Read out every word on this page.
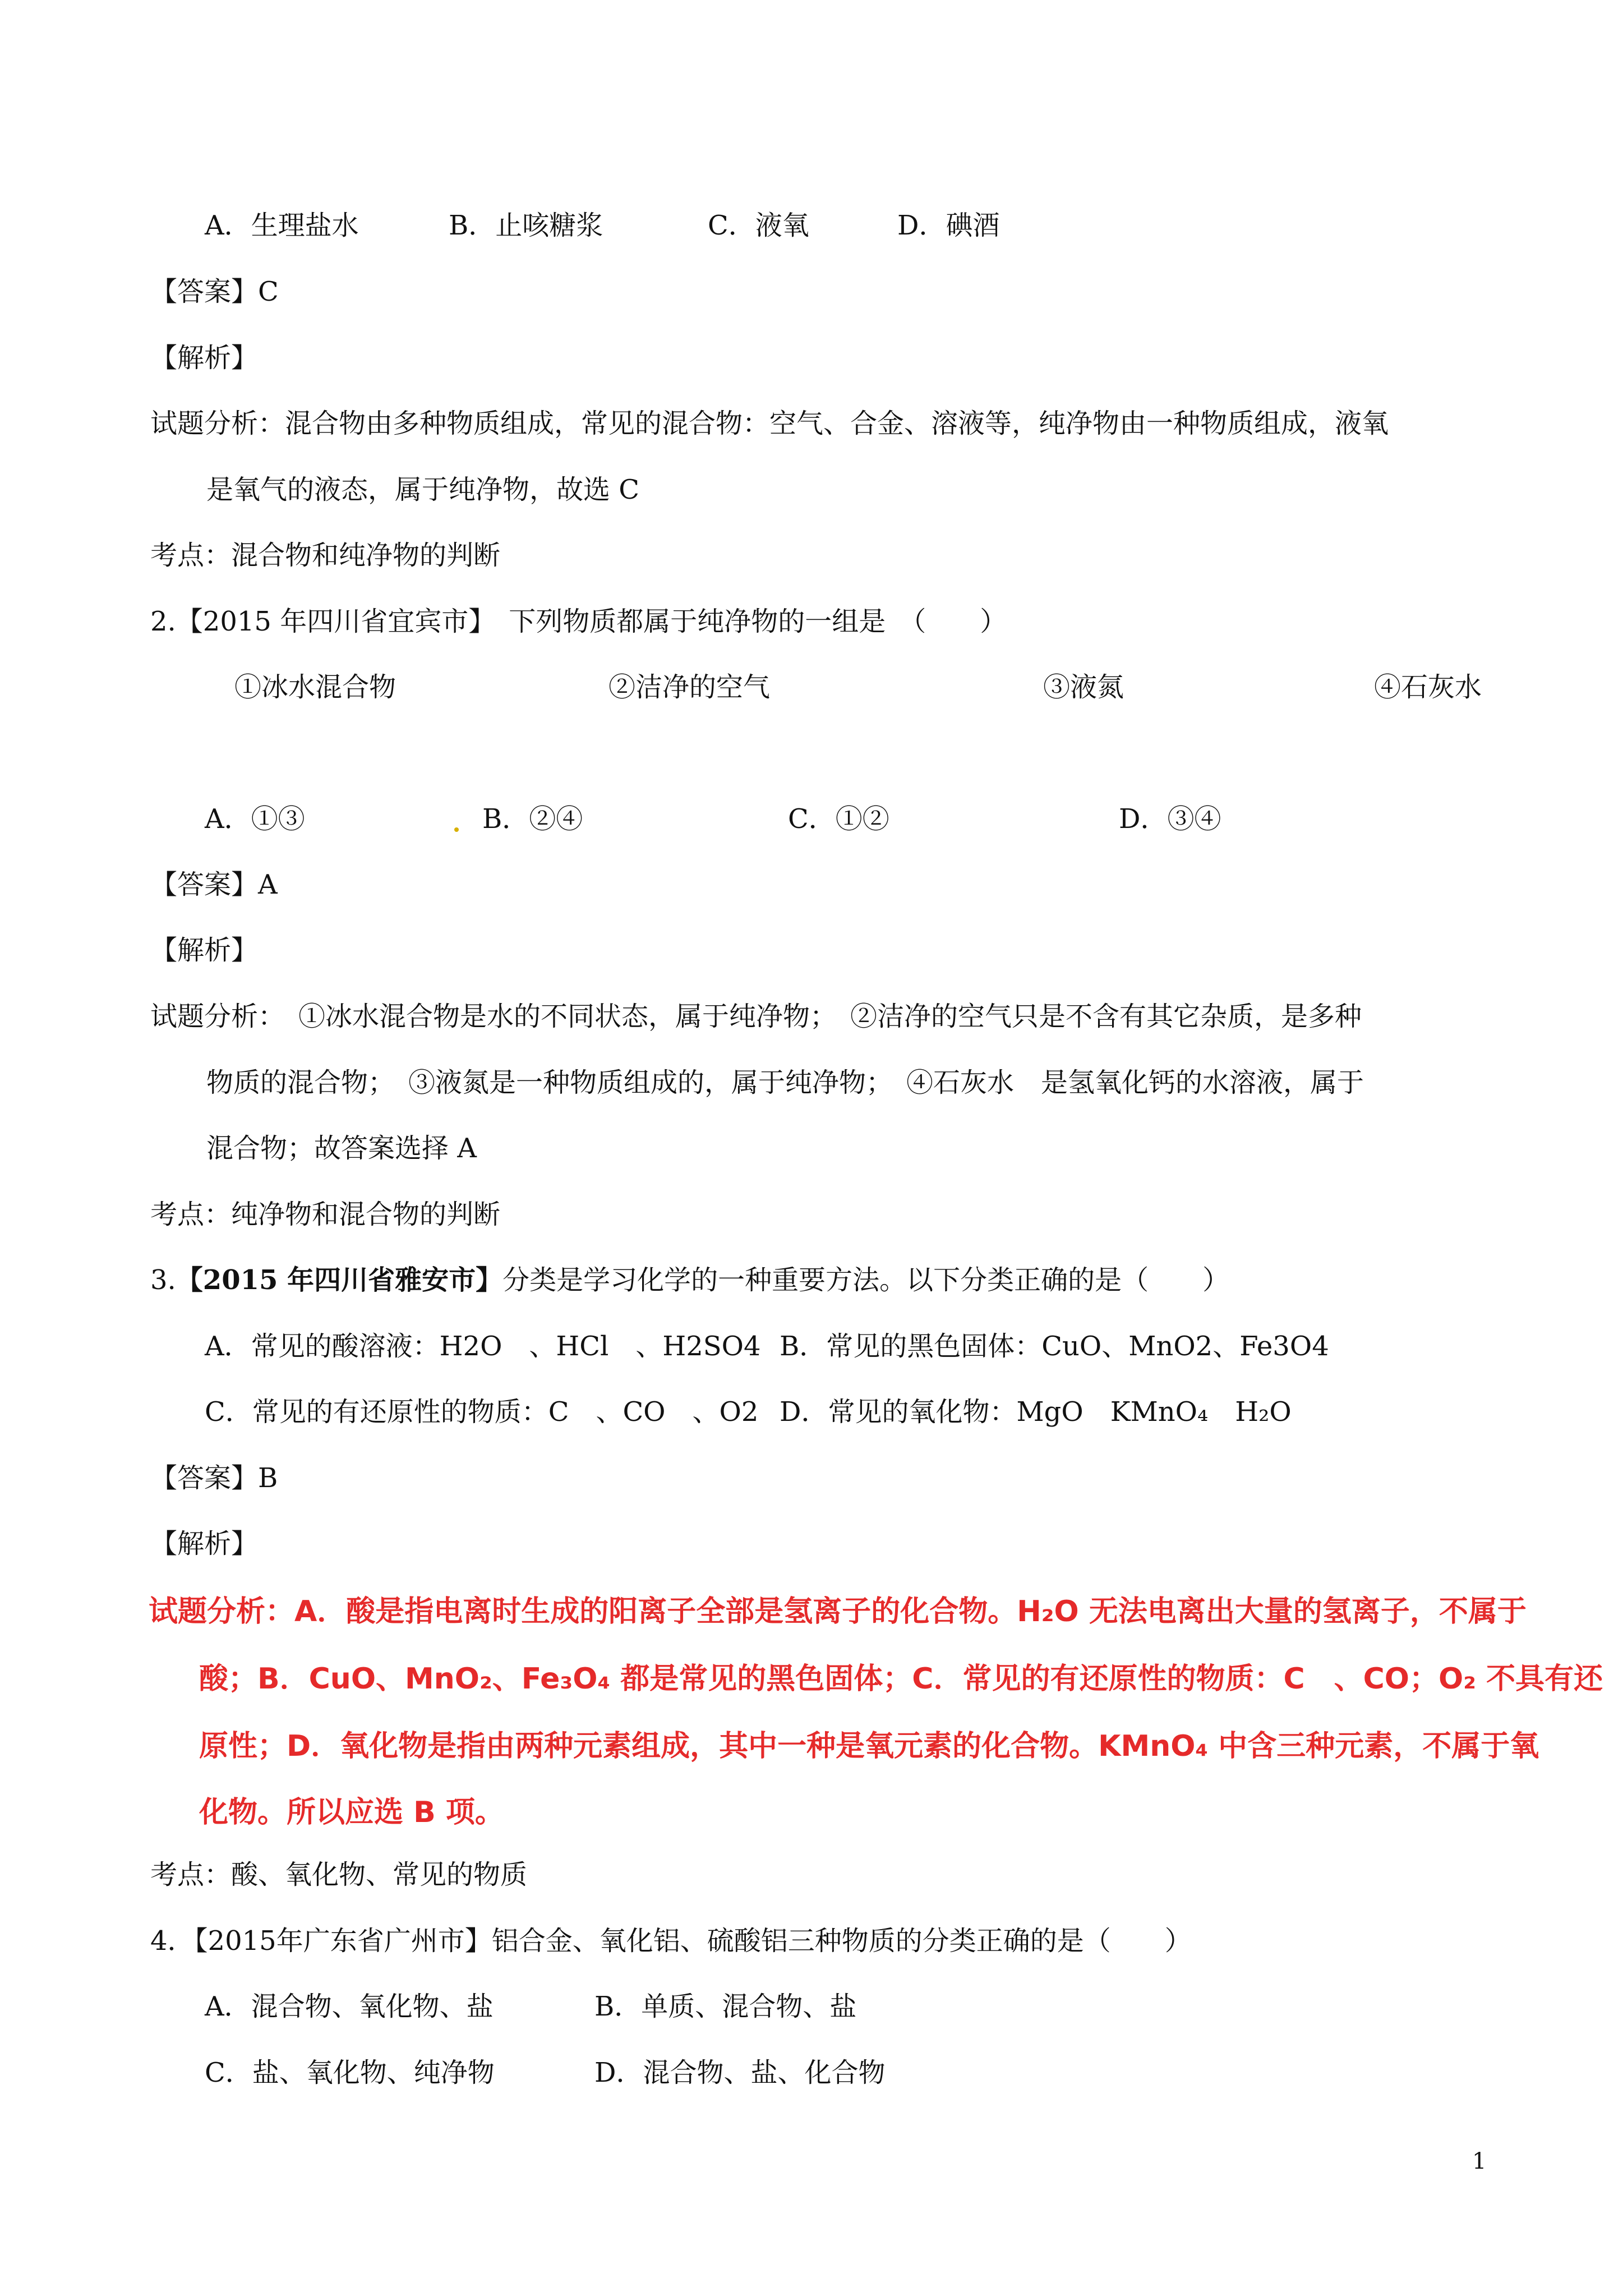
A．生理盐水	B．止咳糖浆	C．液氧	D．碘酒
【答案】C
【解析】
试题分析：混合物由多种物质组成，常见的混合物：空气、合金、溶液等，纯净物由一种物质组成，液氧
是氧气的液态，属于纯净物，故选 C
考点：混合物和纯净物的判断
2.【2015 年四川省宜宾市】　下列物质都属于纯净物的一组是　（　　）
①冰水混合物	②洁净的空气	③液氮	④石灰水
A．①③	B．②④	C．①②	D．③④
【答案】A
【解析】
试题分析：　①冰水混合物是水的不同状态，属于纯净物；　②洁净的空气只是不含有其它杂质，是多种
物质的混合物；　③液氮是一种物质组成的，属于纯净物；　④石灰水　是氢氧化钙的水溶液，属于
混合物；故答案选择 A
考点：纯净物和混合物的判断
3.【2015 年四川省雅安市】分类是学习化学的一种重要方法。以下分类正确的是（　　）
A．常见的酸溶液：H2O　、HCl　、H2SO4 B．常见的黑色固体：CuO、MnO2、Fe3O4
C．常见的有还原性的物质：C　、CO　、O2 D．常见的氧化物：MgO　KMnO₄　H₂O
【答案】B
【解析】
试题分析：A．酸是指电离时生成的阳离子全部是氢离子的化合物。H₂O 无法电离出大量的氢离子，不属于
酸；B．CuO、MnO₂、Fe₃O₄ 都是常见的黑色固体；C．常见的有还原性的物质：C　、CO；O₂ 不具有还
原性；D．氧化物是指由两种元素组成，其中一种是氧元素的化合物。KMnO₄ 中含三种元素，不属于氧
化物。所以应选 B 项。
考点：酸、氧化物、常见的物质
4．【2015年广东省广州市】铝合金、氧化铝、硫酸铝三种物质的分类正确的是（　　）
A．混合物、氧化物、盐	B．单质、混合物、盐
C．盐、氧化物、纯净物	D．混合物、盐、化合物
1
